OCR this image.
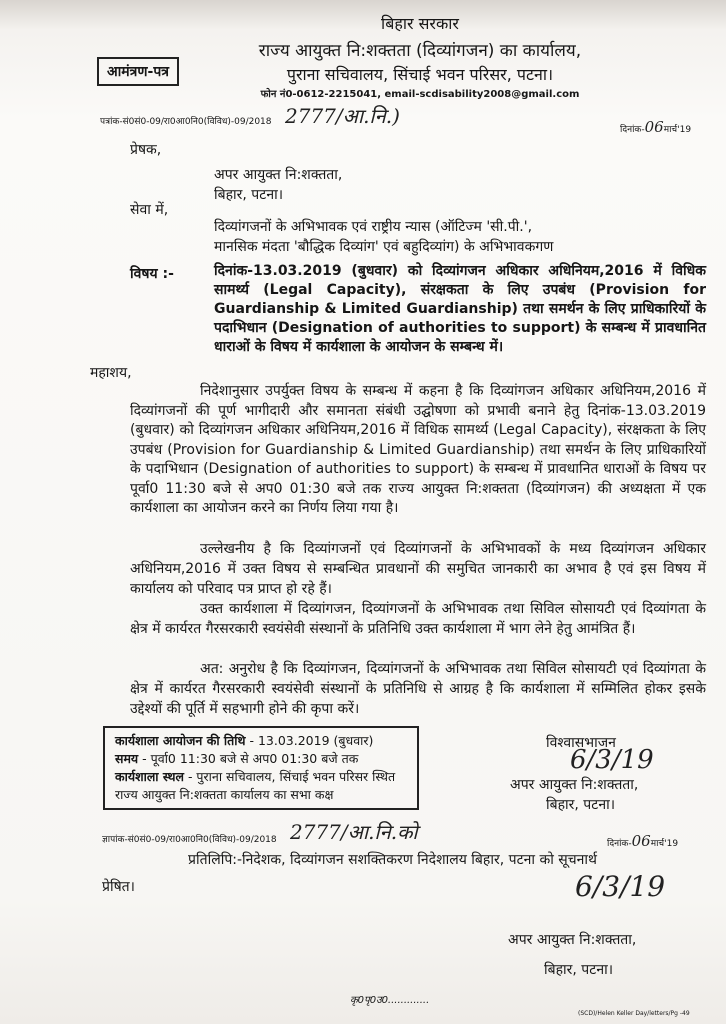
बिहार सरकार
राज्य आयुक्त नि:शक्तता (दिव्यांगजन) का कार्यालय,
पुराना सचिवालय, सिंचाई भवन परिसर, पटना।
फोन नं0-0612-2215041, email-scdisability2008@gmail.com
आमंत्रण-पत्र
पत्रांक-सं0सं0-09/रा0आ0नि0(विविध)-09/2018 2777/आ.नि.)
दिनांक-06मार्च'19
प्रेषक,
अपर आयुक्त नि:शक्तता,
बिहार, पटना।
सेवा में,
दिव्यांगजनों के अभिभावक एवं राष्ट्रीय न्यास (ऑटिज्म 'सी.पी.',
मानसिक मंदता 'बौद्धिक दिव्यांग' एवं बहुदिव्यांग) के अभिभावकगण
विषय :-	दिनांक-13.03.2019 (बुधवार) को दिव्यांगजन अधिकार अधिनियम,2016 में विधिक सामर्थ्य (Legal Capacity), संरक्षकता के लिए उपबंध (Provision for Guardianship & Limited Guardianship) तथा समर्थन के लिए प्राधिकारियों के पदाभिधान (Designation of authorities to support) के सम्बन्ध में प्रावधानित धाराओं के विषय में कार्यशाला के आयोजन के सम्बन्ध में।
महाशय,
निदेशानुसार उपर्युक्त विषय के सम्बन्ध में कहना है कि दिव्यांगजन अधिकार अधिनियम,2016 में दिव्यांगजनों की पूर्ण भागीदारी और समानता संबंधी उद्घोषणा को प्रभावी बनाने हेतु दिनांक-13.03.2019 (बुधवार) को दिव्यांगजन अधिकार अधिनियम,2016 में विधिक सामर्थ्य (Legal Capacity), संरक्षकता के लिए उपबंध (Provision for Guardianship & Limited Guardianship) तथा समर्थन के लिए प्राधिकारियों के पदाभिधान (Designation of authorities to support) के सम्बन्ध में प्रावधानित धाराओं के विषय पर पूर्वा0 11:30 बजे से अप0 01:30 बजे तक राज्य आयुक्त नि:शक्तता (दिव्यांगजन) की अध्यक्षता में एक कार्यशाला का आयोजन करने का निर्णय लिया गया है।
उल्लेखनीय है कि दिव्यांगजनों एवं दिव्यांगजनों के अभिभावकों के मध्य दिव्यांगजन अधिकार अधिनियम,2016 में उक्त विषय से सम्बन्धित प्रावधानों की समुचित जानकारी का अभाव है एवं इस विषय में कार्यालय को परिवाद पत्र प्राप्त हो रहे हैं।
उक्त कार्यशाला में दिव्यांगजन, दिव्यांगजनों के अभिभावक तथा सिविल सोसायटी एवं दिव्यांगता के क्षेत्र में कार्यरत गैरसरकारी स्वयंसेवी संस्थानों के प्रतिनिधि उक्त कार्यशाला में भाग लेने हेतु आमंत्रित हैं।
अत: अनुरोध है कि दिव्यांगजन, दिव्यांगजनों के अभिभावक तथा सिविल सोसायटी एवं दिव्यांगता के क्षेत्र में कार्यरत गैरसरकारी स्वयंसेवी संस्थानों के प्रतिनिधि से आग्रह है कि कार्यशाला में सम्मिलित होकर इसके उद्देश्यों की पूर्ति में सहभागी होने की कृपा करें।
कार्यशाला आयोजन की तिथि - 13.03.2019 (बुधवार)
समय - पूर्वा0 11:30 बजे से अप0 01:30 बजे तक
कार्यशाला स्थल - पुराना सचिवालय, सिंचाई भवन परिसर स्थित राज्य आयुक्त नि:शक्तता कार्यालय का सभा कक्ष
विश्वासभाजन
6/3/19
अपर आयुक्त नि:शक्तता,
बिहार, पटना।
ज्ञापांक-सं0सं0-09/रा0आ0नि0(विविध)-09/2018 2777/आ.नि.को	दिनांक-06मार्च'19
प्रतिलिपि:-निदेशक, दिव्यांगजन सशक्तिकरण निदेशालय बिहार, पटना को सूचनार्थ
प्रेषित।	6/3/19
अपर आयुक्त नि:शक्तता,
बिहार, पटना।
कृ0पृ0उ0.............
(SCD)/Helen Keller Day/letters/Pg -49
